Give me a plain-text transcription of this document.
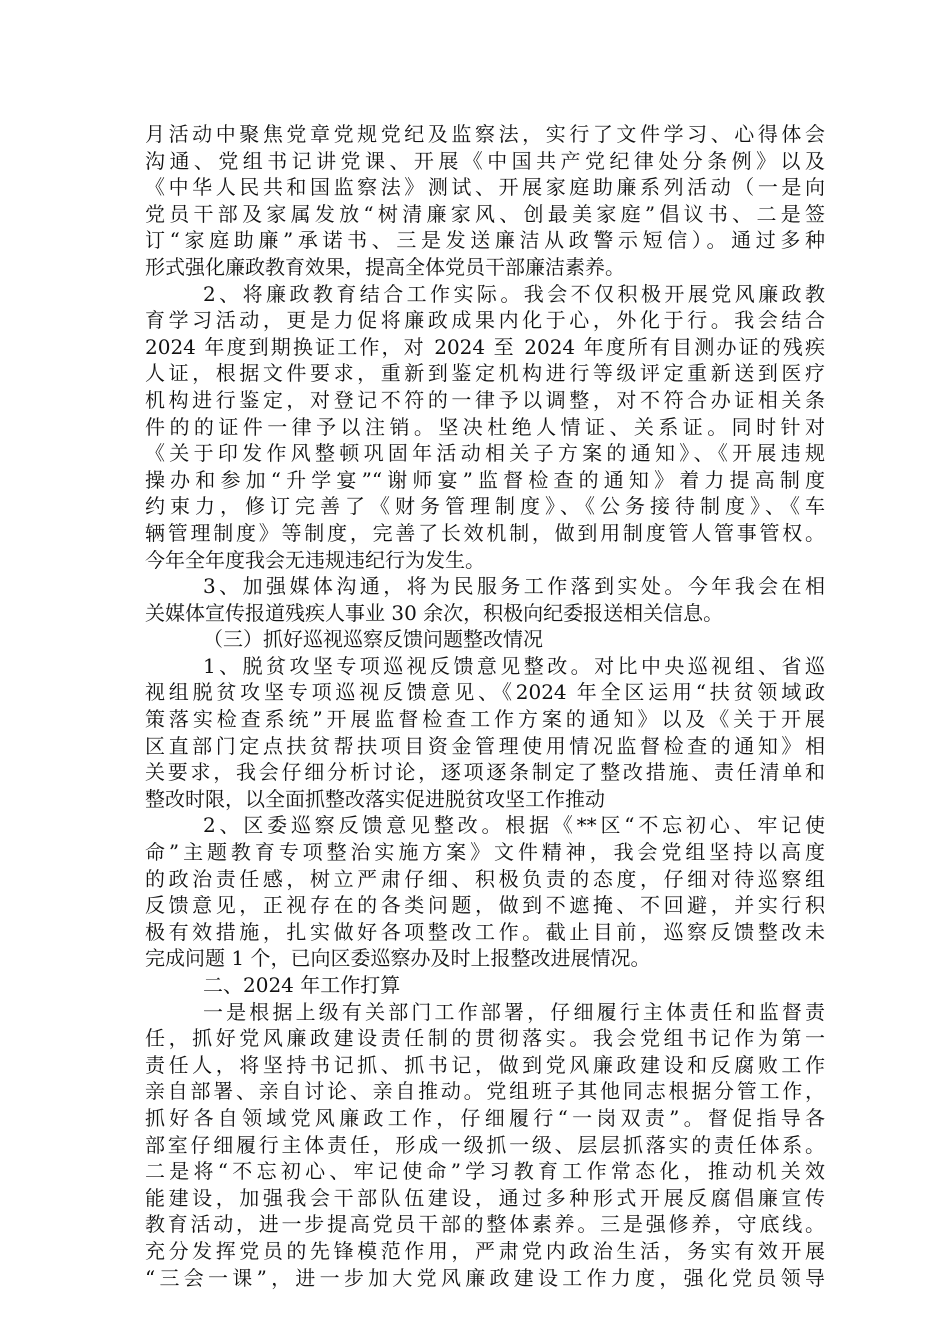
月活动中聚焦党章党规党纪及监察法，实行了文件学习、心得体会
沟通、党组书记讲党课、开展《中国共产党纪律处分条例》以及
《中华人民共和国监察法》测试、开展家庭助廉系列活动（一是向
党员干部及家属发放“树清廉家风、创最美家庭”倡议书、二是签
订“家庭助廉”承诺书、三是发送廉洁从政警示短信）。通过多种
形式强化廉政教育效果，提高全体党员干部廉洁素养。
2、将廉政教育结合工作实际。我会不仅积极开展党风廉政教
育学习活动，更是力促将廉政成果内化于心，外化于行。我会结合
2024 年度到期换证工作，对 2024 至 2024 年度所有目测办证的残疾
人证，根据文件要求，重新到鉴定机构进行等级评定重新送到医疗
机构进行鉴定，对登记不符的一律予以调整，对不符合办证相关条
件的的证件一律予以注销。坚决杜绝人情证、关系证。同时针对
《关于印发作风整顿巩固年活动相关子方案的通知》、《开展违规
操办和参加“升学宴”“谢师宴”监督检查的通知》着力提高制度
约束力，修订完善了《财务管理制度》、《公务接待制度》、《车
辆管理制度》等制度，完善了长效机制，做到用制度管人管事管权。
今年全年度我会无违规违纪行为发生。
3、加强媒体沟通，将为民服务工作落到实处。今年我会在相
关媒体宣传报道残疾人事业 30 余次，积极向纪委报送相关信息。
（三）抓好巡视巡察反馈问题整改情况
1、脱贫攻坚专项巡视反馈意见整改。对比中央巡视组、省巡
视组脱贫攻坚专项巡视反馈意见、《2024 年全区运用“扶贫领域政
策落实检查系统”开展监督检查工作方案的通知》以及《关于开展
区直部门定点扶贫帮扶项目资金管理使用情况监督检查的通知》相
关要求，我会仔细分析讨论，逐项逐条制定了整改措施、责任清单和
整改时限，以全面抓整改落实促进脱贫攻坚工作推动
2、区委巡察反馈意见整改。根据《**区“不忘初心、牢记使
命”主题教育专项整治实施方案》文件精神，我会党组坚持以高度
的政治责任感，树立严肃仔细、积极负责的态度，仔细对待巡察组
反馈意见，正视存在的各类问题，做到不遮掩、不回避，并实行积
极有效措施，扎实做好各项整改工作。截止目前，巡察反馈整改未
完成问题 1 个，已向区委巡察办及时上报整改进展情况。
二、2024 年工作打算
一是根据上级有关部门工作部署，仔细履行主体责任和监督责
任，抓好党风廉政建设责任制的贯彻落实。我会党组书记作为第一
责任人，将坚持书记抓、抓书记，做到党风廉政建设和反腐败工作
亲自部署、亲自讨论、亲自推动。党组班子其他同志根据分管工作，
抓好各自领域党风廉政工作，仔细履行“一岗双责”。督促指导各
部室仔细履行主体责任，形成一级抓一级、层层抓落实的责任体系。
二是将“不忘初心、牢记使命”学习教育工作常态化，推动机关效
能建设，加强我会干部队伍建设，通过多种形式开展反腐倡廉宣传
教育活动，进一步提高党员干部的整体素养。三是强修养，守底线。
充分发挥党员的先锋模范作用，严肃党内政治生活，务实有效开展
“三会一课”，进一步加大党风廉政建设工作力度，强化党员领导
